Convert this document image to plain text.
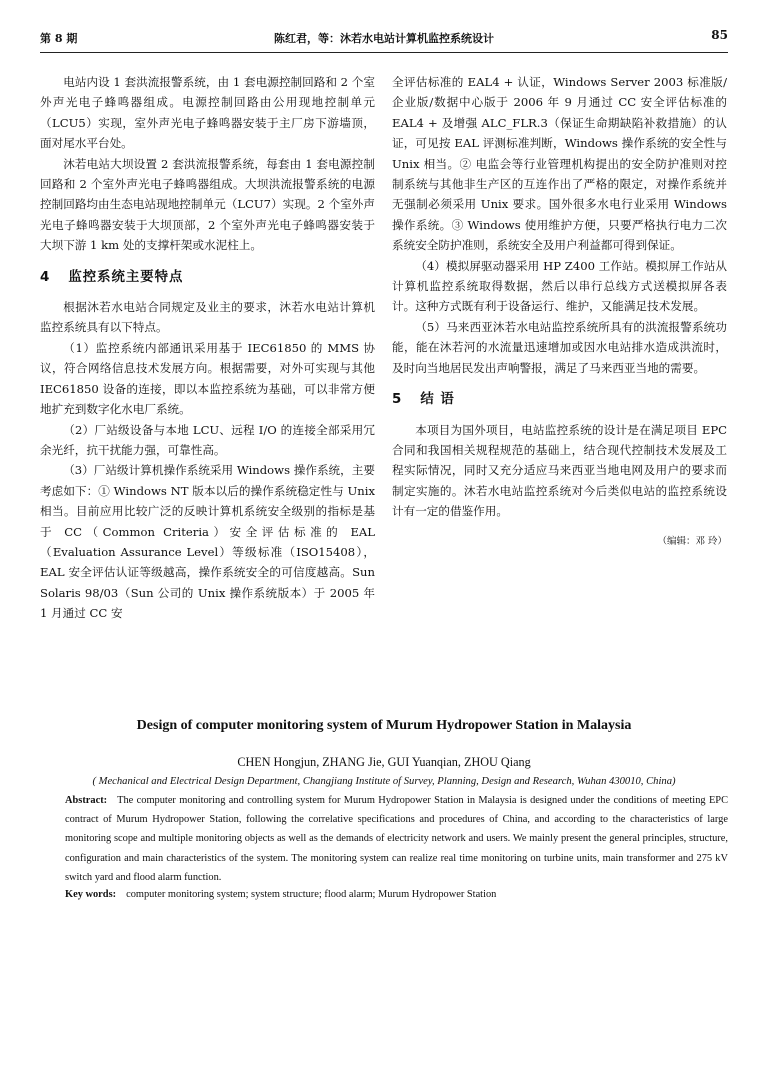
第 8 期	陈红君，等：沐若水电站计算机监控系统设计	85

电站内设 1 套洪流报警系统，由 1 套电源控制回路和 2 个室外声光电子蜂鸣器组成。电源控制回路由公用现地控制单元（LCU5）实现，室外声光电子蜂鸣器安装于主厂房下游墙顶，面对尾水平台处。

沐若电站大坝设置 2 套洪流报警系统，每套由 1 套电源控制回路和 2 个室外声光电子蜂鸣器组成。大坝洪流报警系统的电源控制回路均由生态电站现地控制单元（LCU7）实现。2 个室外声光电子蜂鸣器安装于大坝顶部，2 个室外声光电子蜂鸣器安装于大坝下游 1 km 处的支撑杆架或水泥柱上。

4 监控系统主要特点

根据沐若水电站合同规定及业主的要求，沐若水电站计算机监控系统具有以下特点。

（1）监控系统内部通讯采用基于 IEC61850 的 MMS 协议，符合网络信息技术发展方向。根据需要，对外可实现与其他 IEC61850 设备的连接，即以本监控系统为基础，可以非常方便地扩充到数字化水电厂系统。

（2）厂站级设备与本地 LCU、远程 I/O 的连接全部采用冗余光纤，抗干扰能力强，可靠性高。

（3）厂站级计算机操作系统采用 Windows 操作系统，主要考虑如下：① Windows NT 版本以后的操作系统稳定性与 Unix 相当。目前应用比较广泛的反映计算机系统安全级别的指标是基于 CC（Common Criteria）安全评估标准的 EAL（Evaluation Assurance Level）等级标准（ISO15408），EAL 安全评估认证等级越高，操作系统安全的可信度越高。Sun Solaris 98/03（Sun 公司的 Unix 操作系统版本）于 2005 年 1 月通过 CC 安

全评估标准的 EAL4 + 认证，Windows Server 2003 标准版/企业版/数据中心版于 2006 年 9 月通过 CC 安全评估标准的 EAL4 + 及增强 ALC_FLR.3（保证生命期缺陷补救措施）的认证，可见按 EAL 评测标准判断，Windows 操作系统的安全性与 Unix 相当。② 电监会等行业管理机构提出的安全防护准则对控制系统与其他非生产区的互连作出了严格的限定，对操作系统并无强制必须采用 Unix 要求。国外很多水电行业采用 Windows 操作系统。③ Windows 使用维护方便，只要严格执行电力二次系统安全防护准则，系统安全及用户利益都可得到保证。

（4）模拟屏驱动器采用 HP Z400 工作站。模拟屏工作站从计算机监控系统取得数据，然后以串行总线方式送模拟屏各表计。这种方式既有利于设备运行、维护，又能满足技术发展。

（5）马来西亚沐若水电站监控系统所具有的洪流报警系统功能，能在沐若河的水流量迅速增加或因水电站排水造成洪流时，及时向当地居民发出声响警报，满足了马来西亚当地的需要。

5 结 语

本项目为国外项目，电站监控系统的设计是在满足项目 EPC 合同和我国相关规程规范的基础上，结合现代控制技术发展及工程实际情况，同时又充分适应马来西亚当地电网及用户的要求而制定实施的。沐若水电站监控系统对今后类似电站的监控系统设计有一定的借鉴作用。

（编辑：邓 玲）
Design of computer monitoring system of Murum Hydropower Station in Malaysia
CHEN Hongjun, ZHANG Jie, GUI Yuanqian, ZHOU Qiang
( Mechanical and Electrical Design Department, Changjiang Institute of Survey, Planning, Design and Research, Wuhan 430010, China)
Abstract: The computer monitoring and controlling system for Murum Hydropower Station in Malaysia is designed under the conditions of meeting EPC contract of Murum Hydropower Station, following the correlative specifications and procedures of China, and according to the characteristics of large monitoring scope and multiple monitoring objects as well as the demands of electricity network and users. We mainly present the general principles, structure, configuration and main characteristics of the system. The monitoring system can realize real time monitoring on turbine units, main transformer and 275 kV switch yard and flood alarm function.
Key words: computer monitoring system; system structure; flood alarm; Murum Hydropower Station
